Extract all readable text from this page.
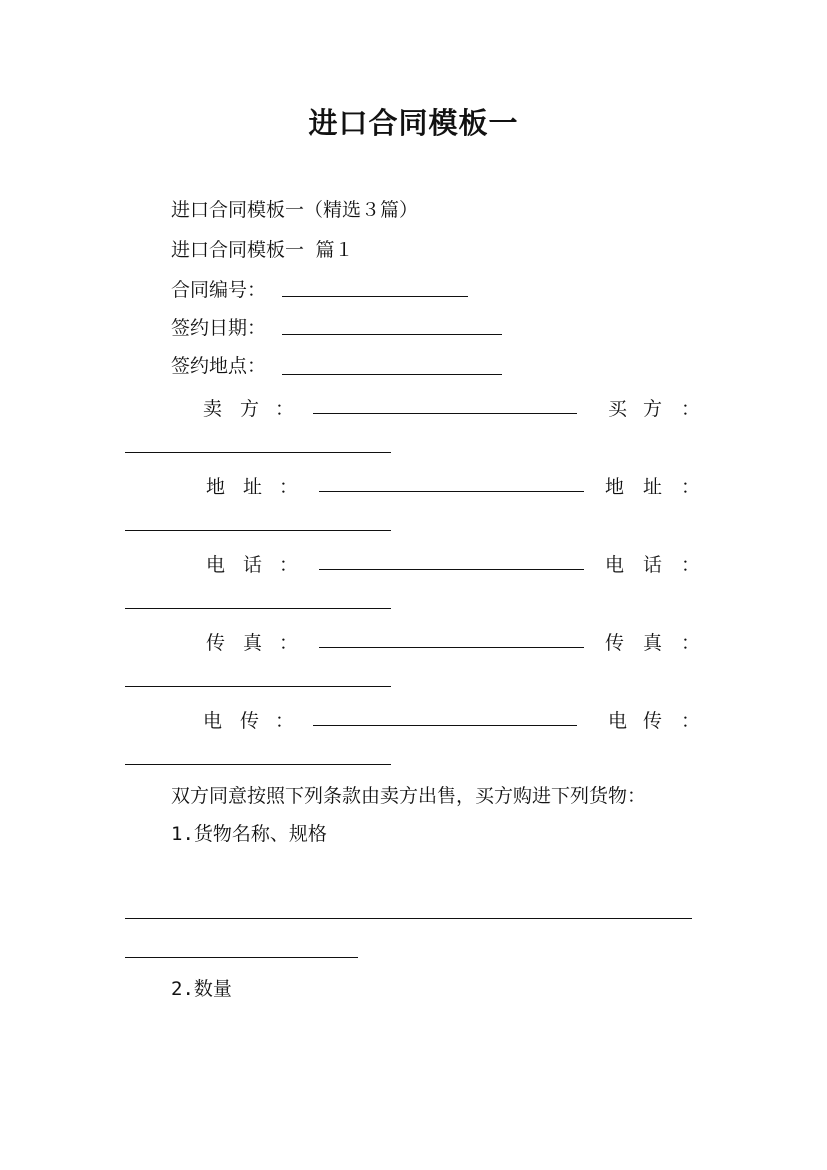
进口合同模板一
进口合同模板一（精选３篇）
进口合同模板一 篇１
合同编号：
签约日期：
签约地点：
卖 方 ：	买 方 ：
地 址 ：	地 址 ：
电 话 ：	电 话 ：
传 真 ：	传 真 ：
电 传 ：	电 传 ：
双方同意按照下列条款由卖方出售，买方购进下列货物：
1.货物名称、规格
2.数量
